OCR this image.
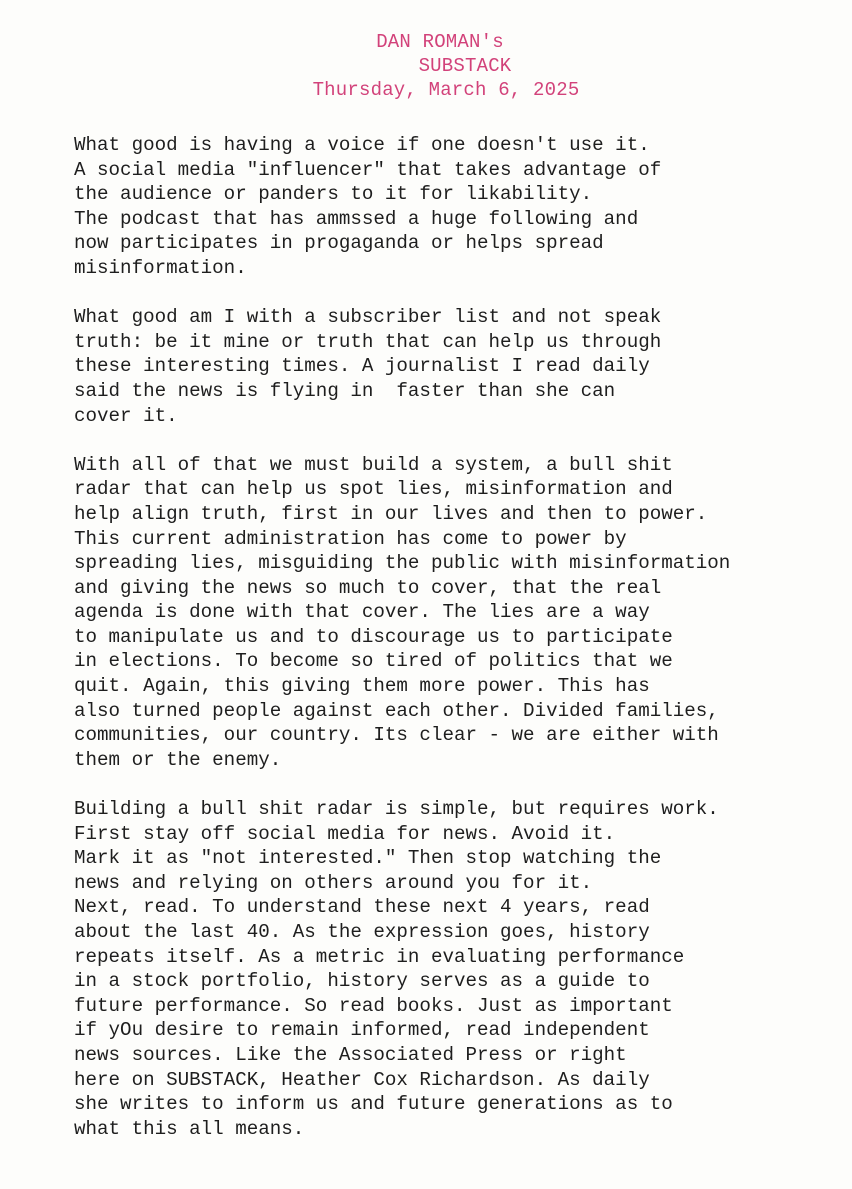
DAN ROMAN's
SUBSTACK
Thursday, March 6, 2025
What good is having a voice if one doesn't use it.
A social media "influencer" that takes advantage of
the audience or panders to it for likability.
The podcast that has ammssed a huge following and
now participates in progaganda or helps spread
misinformation.
What good am I with a subscriber list and not speak
truth: be it mine or truth that can help us through
these interesting times. A journalist I read daily
said the news is flying in  faster than she can
cover it.
With all of that we must build a system, a bull shit
radar that can help us spot lies, misinformation and
help align truth, first in our lives and then to power.
This current administration has come to power by
spreading lies, misguiding the public with misinformation
and giving the news so much to cover, that the real
agenda is done with that cover. The lies are a way
to manipulate us and to discourage us to participate
in elections. To become so tired of politics that we
quit. Again, this giving them more power. This has
also turned people against each other. Divided families,
communities, our country. Its clear - we are either with
them or the enemy.
Building a bull shit radar is simple, but requires work.
First stay off social media for news. Avoid it.
Mark it as "not interested." Then stop watching the
news and relying on others around you for it.
Next, read. To understand these next 4 years, read
about the last 40. As the expression goes, history
repeats itself. As a metric in evaluating performance
in a stock portfolio, history serves as a guide to
future performance. So read books. Just as important
if yOu desire to remain informed, read independent
news sources. Like the Associated Press or right
here on SUBSTACK, Heather Cox Richardson. As daily
she writes to inform us and future generations as to
what this all means.
